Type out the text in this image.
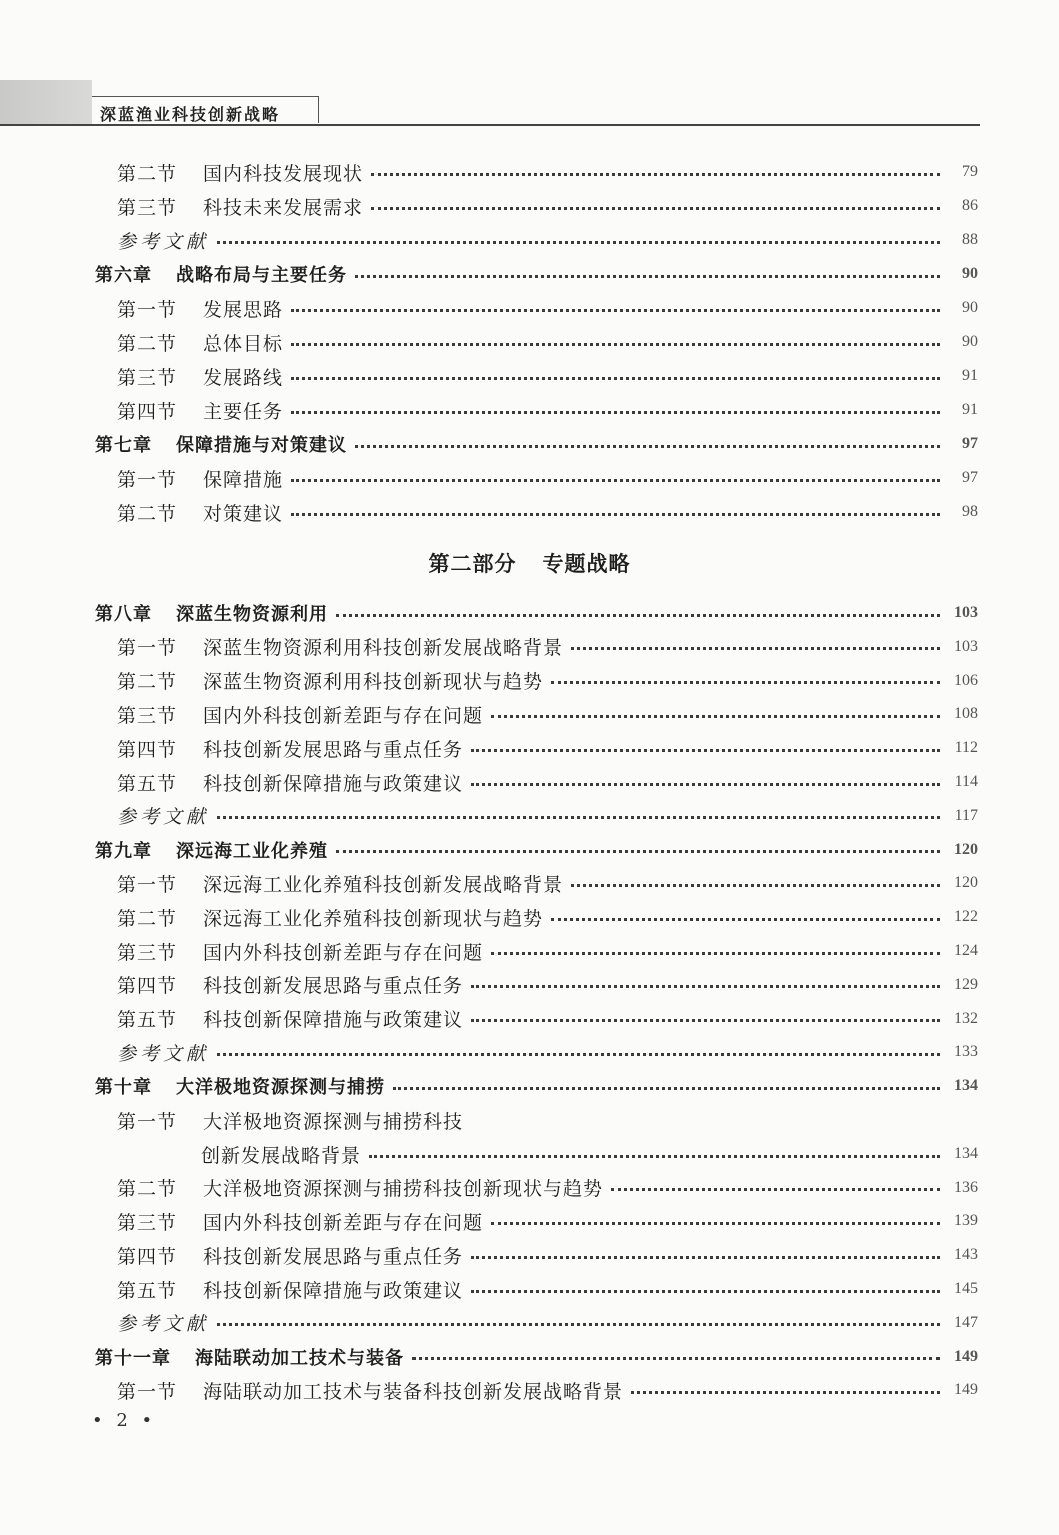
深蓝渔业科技创新战略
第二节 国内科技发展现状	79
第三节 科技未来发展需求	86
参考文献	88
第六章 战略布局与主要任务	90
第一节 发展思路	90
第二节 总体目标	90
第三节 发展路线	91
第四节 主要任务	91
第七章 保障措施与对策建议	97
第一节 保障措施	97
第二节 对策建议	98
第八章 深蓝生物资源利用	103
第一节 深蓝生物资源利用科技创新发展战略背景	103
第二节 深蓝生物资源利用科技创新现状与趋势	106
第三节 国内外科技创新差距与存在问题	108
第四节 科技创新发展思路与重点任务	112
第五节 科技创新保障措施与政策建议	114
参考文献	117
第九章 深远海工业化养殖	120
第一节 深远海工业化养殖科技创新发展战略背景	120
第二节 深远海工业化养殖科技创新现状与趋势	122
第三节 国内外科技创新差距与存在问题	124
第四节 科技创新发展思路与重点任务	129
第五节 科技创新保障措施与政策建议	132
参考文献	133
第十章 大洋极地资源探测与捕捞	134
第一节 大洋极地资源探测与捕捞科技
创新发展战略背景	134
第二节 大洋极地资源探测与捕捞科技创新现状与趋势	136
第三节 国内外科技创新差距与存在问题	139
第四节 科技创新发展思路与重点任务	143
第五节 科技创新保障措施与政策建议	145
参考文献	147
第十一章 海陆联动加工技术与装备	149
第一节 海陆联动加工技术与装备科技创新发展战略背景	149
第二部分 专题战略
• 2 •
